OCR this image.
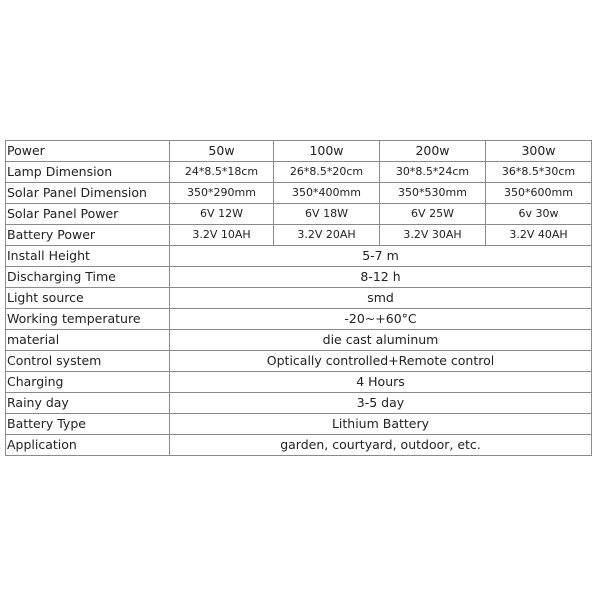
Power	50w	100w	200w	300w
Lamp Dimension	24*8.5*18cm	26*8.5*20cm	30*8.5*24cm	36*8.5*30cm
Solar Panel Dimension	350*290mm	350*400mm	350*530mm	350*600mm
Solar Panel Power	6V 12W	6V 18W	6V 25W	6v 30w
Battery Power	3.2V 10AH	3.2V 20AH	3.2V 30AH	3.2V 40AH
Install Height	5-7 m			
Discharging Time	8-12 h			
Light source	smd			
Working temperature	-20~+60°C			
material	die cast aluminum			
Control system	Optically controlled+Remote control			
Charging	4 Hours			
Rainy day	3-5 day			
Battery Type	Lithium Battery			
Application	garden, courtyard, outdoor, etc.			
